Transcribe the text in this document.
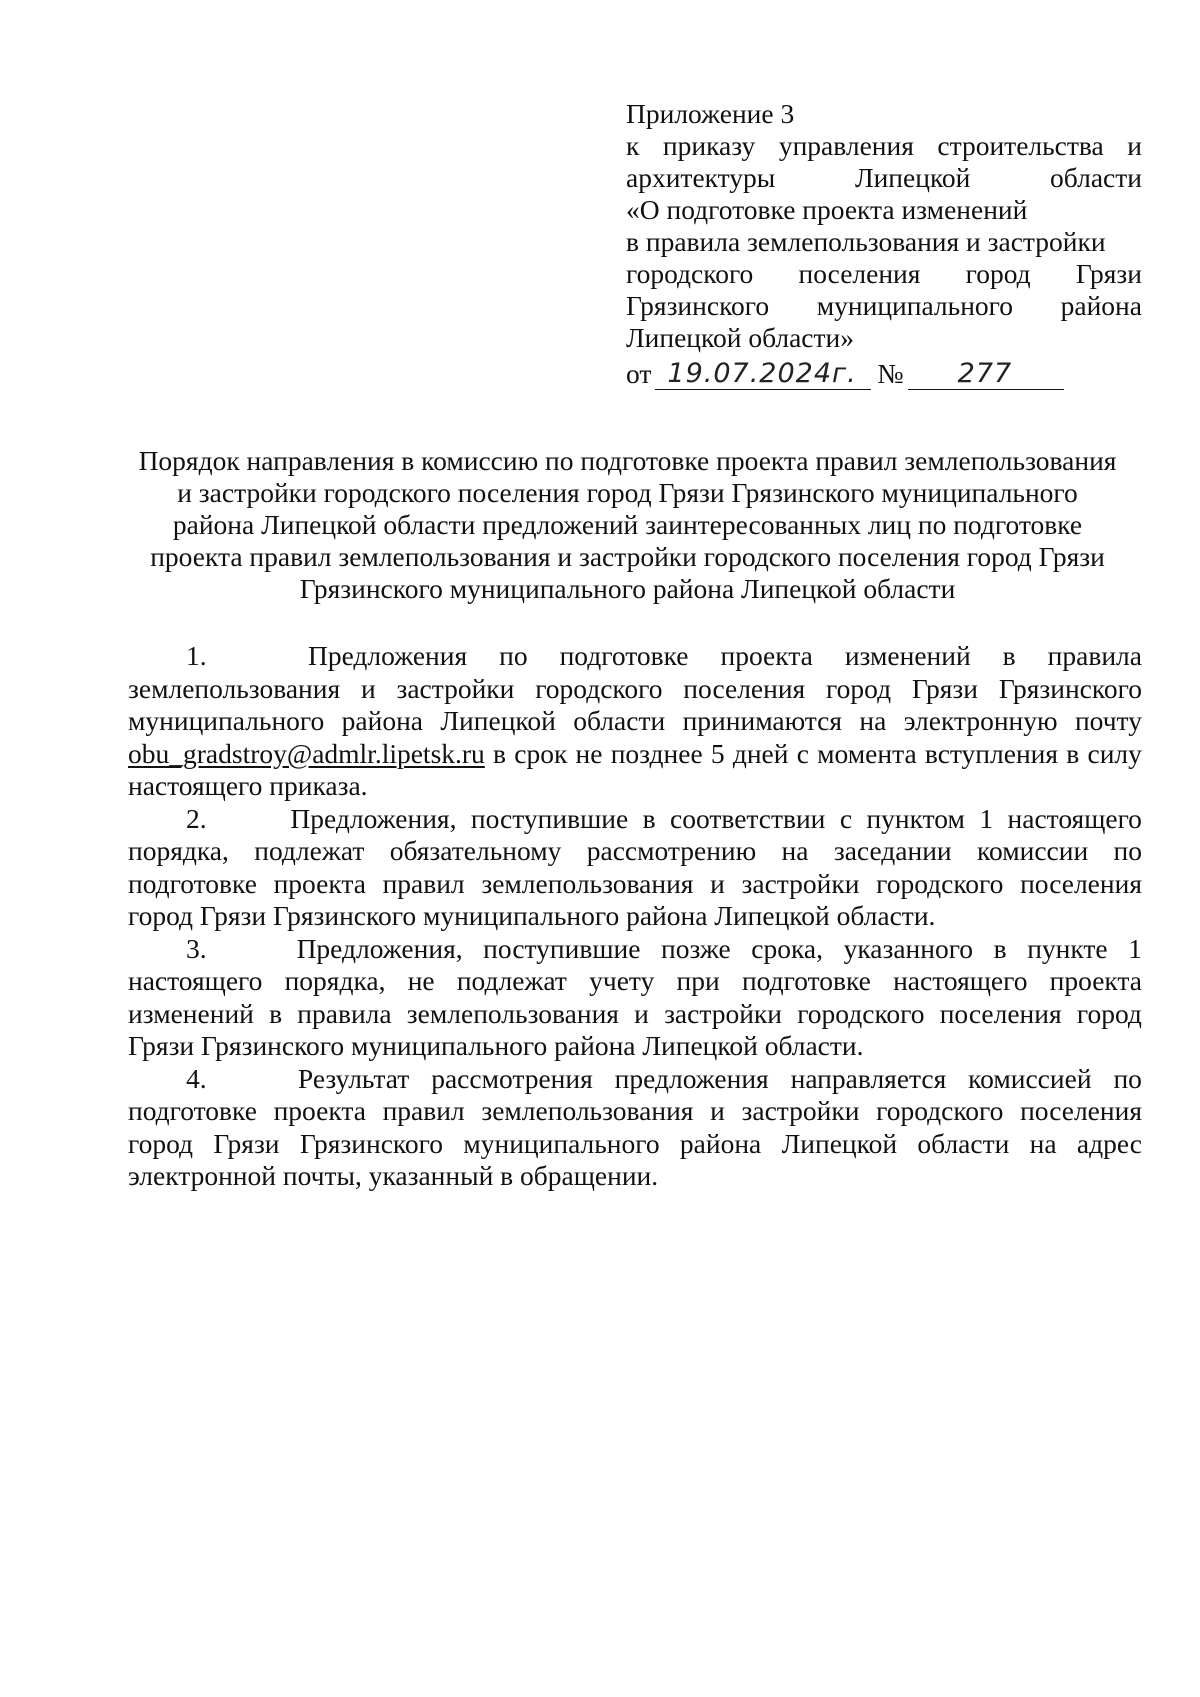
Приложение 3
к приказу управления строительства и
архитектуры	Липецкой	области
«О подготовке проекта изменений
в правила землепользования и застройки
городского поселения город Грязи
Грязинского муниципального района
Липецкой области»
от 19.07.2024г. №	277
Порядок направления в комиссию по подготовке проекта правил землепользования
и застройки городского поселения город Грязи Грязинского муниципального
района Липецкой области предложений заинтересованных лиц по подготовке
проекта правил землепользования и застройки городского поселения город Грязи
Грязинского муниципального района Липецкой области
1.	Предложения по подготовке проекта изменений в правила
землепользования и застройки городского поселения город Грязи Грязинского
муниципального района Липецкой области принимаются на электронную почту
obu_gradstroy@admlr.lipetsk.ru в срок не позднее 5 дней с момента вступления в силу
настоящего приказа.
2.	Предложения, поступившие в соответствии с пунктом 1 настоящего
порядка, подлежат обязательному рассмотрению на заседании комиссии по
подготовке проекта правил землепользования и застройки городского поселения
город Грязи Грязинского муниципального района Липецкой области.
3.	Предложения, поступившие позже срока, указанного в пункте 1
настоящего порядка, не подлежат учету при подготовке настоящего проекта
изменений в правила землепользования и застройки городского поселения город
Грязи Грязинского муниципального района Липецкой области.
4.	Результат рассмотрения предложения направляется комиссией по
подготовке проекта правил землепользования и застройки городского поселения
город Грязи Грязинского муниципального района Липецкой области на адрес
электронной почты, указанный в обращении.
